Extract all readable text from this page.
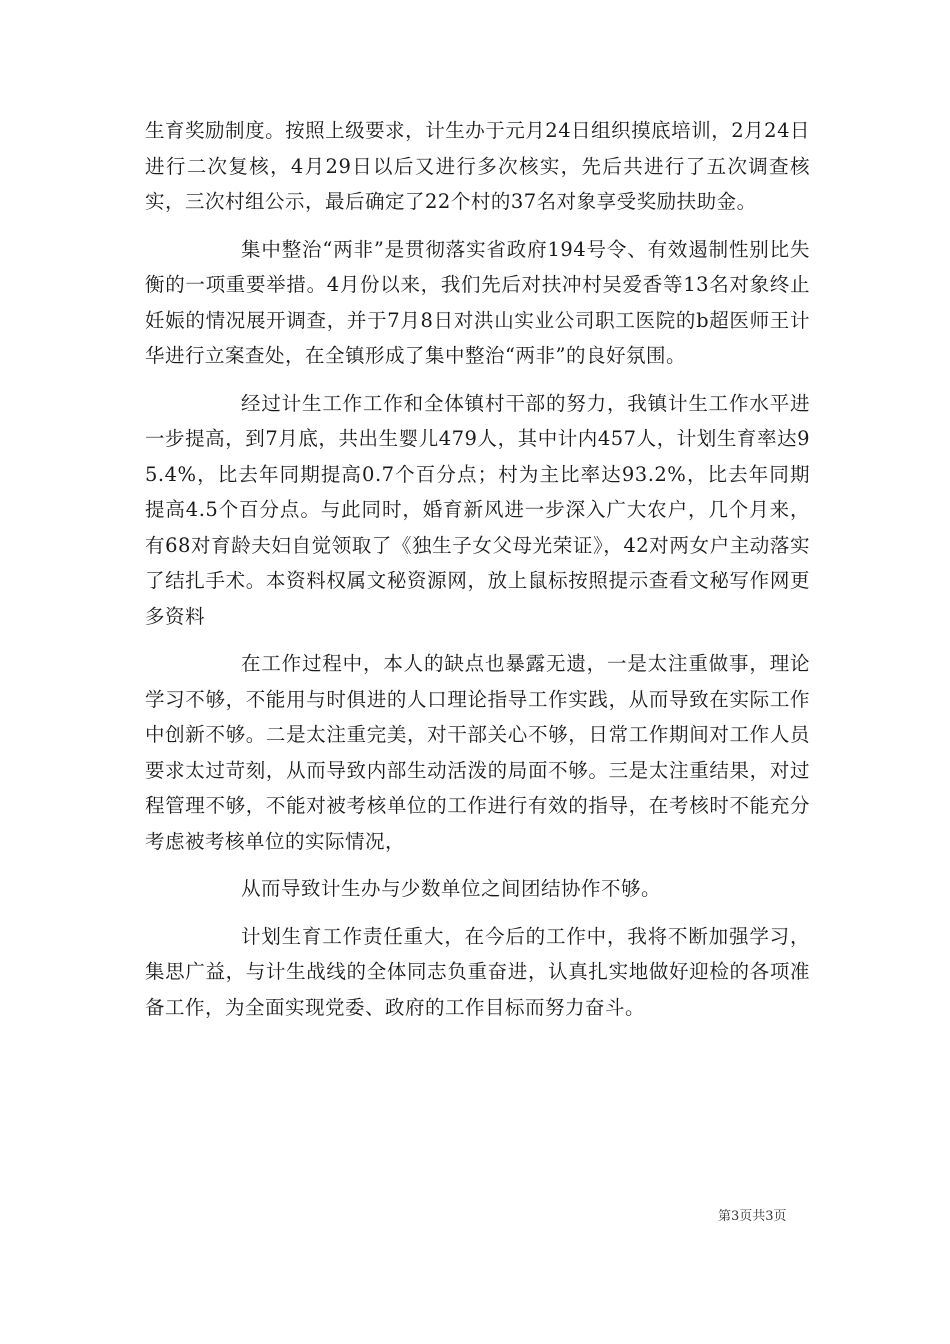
生育奖励制度。按照上级要求，计生办于元月24日组织摸底培训，2月24日进行二次复核，4月29日以后又进行多次核实，先后共进行了五次调查核实，三次村组公示，最后确定了22个村的37名对象享受奖励扶助金。

集中整治“两非”是贯彻落实省政府194号令、有效遏制性别比失衡的一项重要举措。4月份以来，我们先后对扶冲村吴爱香等13名对象终止妊娠的情况展开调查，并于7月8日对洪山实业公司职工医院的b超医师王计华进行立案查处，在全镇形成了集中整治“两非”的良好氛围。

经过计生工作工作和全体镇村干部的努力，我镇计生工作水平进一步提高，到7月底，共出生婴儿479人，其中计内457人，计划生育率达95.4%，比去年同期提高0.7个百分点；村为主比率达93.2%，比去年同期提高4.5个百分点。与此同时，婚育新风进一步深入广大农户，几个月来，有68对育龄夫妇自觉领取了《独生子女父母光荣证》，42对两女户主动落实了结扎手术。本资料权属文秘资源网，放上鼠标按照提示查看文秘写作网更多资料

在工作过程中，本人的缺点也暴露无遗，一是太注重做事，理论学习不够，不能用与时俱进的人口理论指导工作实践，从而导致在实际工作中创新不够。二是太注重完美，对干部关心不够，日常工作期间对工作人员要求太过苛刻，从而导致内部生动活泼的局面不够。三是太注重结果，对过程管理不够，不能对被考核单位的工作进行有效的指导，在考核时不能充分考虑被考核单位的实际情况，

从而导致计生办与少数单位之间团结协作不够。

计划生育工作责任重大，在今后的工作中，我将不断加强学习，集思广益，与计生战线的全体同志负重奋进，认真扎实地做好迎检的各项准备工作，为全面实现党委、政府的工作目标而努力奋斗。

第3页共3页
